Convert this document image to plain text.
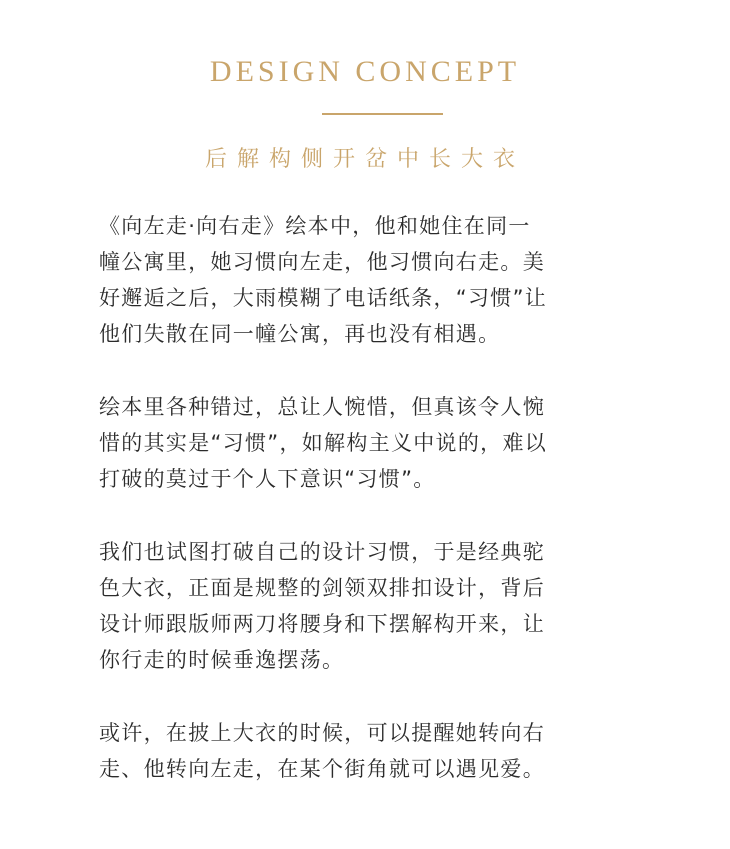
DESIGN CONCEPT
后解构侧开岔中长大衣
《向左走·向右走》绘本中，他和她住在同一
幢公寓里，她习惯向左走，他习惯向右走。美
好邂逅之后，大雨模糊了电话纸条，“习惯”让
他们失散在同一幢公寓，再也没有相遇。
绘本里各种错过，总让人惋惜，但真该令人惋
惜的其实是“习惯”，如解构主义中说的，难以
打破的莫过于个人下意识“习惯”。
我们也试图打破自己的设计习惯，于是经典驼
色大衣，正面是规整的剑领双排扣设计，背后
设计师跟版师两刀将腰身和下摆解构开来，让
你行走的时候垂逸摆荡。
或许，在披上大衣的时候，可以提醒她转向右
走、他转向左走，在某个街角就可以遇见爱。
